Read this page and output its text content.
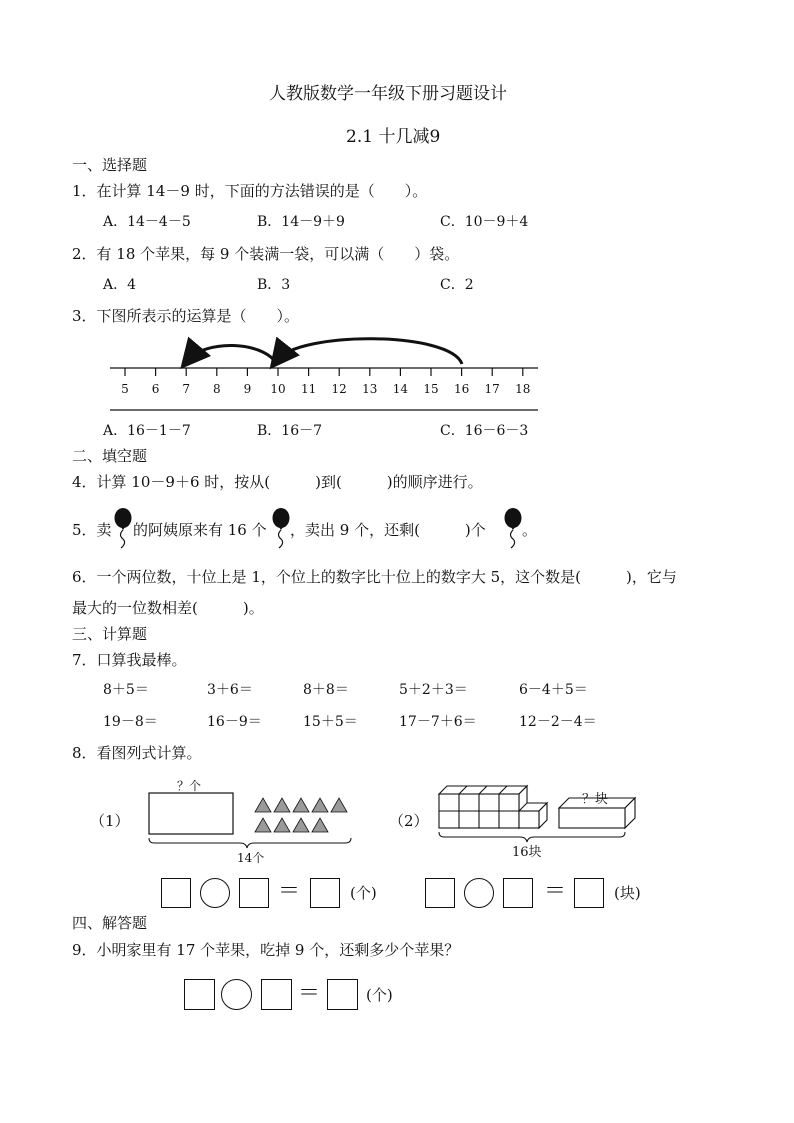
人教版数学一年级下册习题设计
2.1 十几减9
一、选择题
1．在计算 14－9 时，下面的方法错误的是（　　）。
A．14－4－5	B．14－9＋9	C．10－9＋4
2．有 18 个苹果，每 9 个装满一袋，可以满（　　）袋。
A．4	B．3	C．2
3．下图所表示的运算是（　　）。
5 6 7 8 9 10 11 12 13 14 15 16 17 18
A．16－1－7	B．16－7	C．16－6－3
二、填空题
4．计算 10－9＋6 时，按从(　　　)到(　　　)的顺序进行。
5．卖 的阿姨原来有 16 个 ，卖出 9 个，还剩(　　　)个 。
6．一个两位数，十位上是 1，个位上的数字比十位上的数字大 5，这个数是(　　　)，它与
最大的一位数相差(　　　)。
三、计算题
7．口算我最棒。
8＋5＝	3＋6＝	8＋8＝	5＋2＋3＝	6－4＋5＝
19－8＝	16－9＝	15＋5＝	17－7＋6＝	12－2－4＝
8．看图列式计算。
（1）
？个
14个
（2）
？块
16块
＝	(个)	＝	(块)
四、解答题
9．小明家里有 17 个苹果，吃掉 9 个，还剩多少个苹果？
＝	(个)
